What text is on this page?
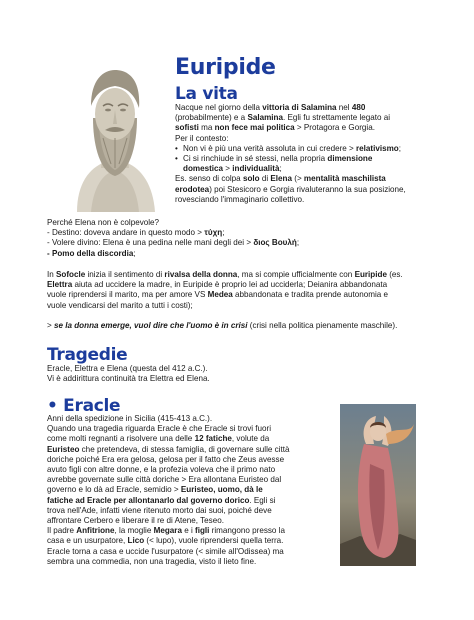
Euripide
La vita
Nacque nel giorno della vittoria di Salamina nel 480
(probabilmente) e a Salamina. Egli fu strettamente legato ai
sofisti ma non fece mai politica > Protagora e Gorgia.
Per il contesto:
• Non vi è più una verità assoluta in cui credere > relativismo;
• Ci si rinchiude in sé stessi, nella propria dimensione
domestica > individualità;
Es. senso di colpa solo di Elena (> mentalità maschilista
erodotea) poi Stesicoro e Gorgia rivaluteranno la sua posizione,
rovesciando l'immaginario collettivo.
Perché Elena non è colpevole?
- Destino: doveva andare in questo modo > τύχη;
- Volere divino: Elena è una pedina nelle mani degli dei > διος Βουλή;
- Pomo della discordia;
In Sofocle inizia il sentimento di rivalsa della donna, ma si compie ufficialmente con Euripide (es.
Elettra aiuta ad uccidere la madre, in Euripide è proprio lei ad ucciderla; Deianira abbandonata
vuole riprendersi il marito, ma per amore VS Medea abbandonata e tradita prende autonomia e
vuole vendicarsi del marito a tutti i costi);
> se la donna emerge, vuol dire che l'uomo è in crisi (crisi nella politica pienamente maschile).
Tragedie
Eracle, Elettra e Elena (questa del 412 a.C.).
Vi è addirittura continuità tra Elettra ed Elena.
• Eracle
Anni della spedizione in Sicilia (415-413 a.C.).
Quando una tragedia riguarda Eracle è che Eracle si trovi fuori
come molti regnanti a risolvere una delle 12 fatiche, volute da
Euristeo che pretendeva, di stessa famiglia, di governare sulle città
doriche poiché Era era gelosa, gelosa per il fatto che Zeus avesse
avuto figli con altre donne, e la profezia voleva che il primo nato
avrebbe governate sulle città doriche > Era allontana Euristeo dal
governo e lo dà ad Eracle, semidio > Euristeo, uomo, dà le
fatiche ad Eracle per allontanarlo dal governo dorico. Egli si
trova nell'Ade, infatti viene ritenuto morto dai suoi, poiché deve
affrontare Cerbero e liberare il re di Atene, Teseo.
Il padre Anfitrione, la moglie Megara e i figli rimangono presso la
casa e un usurpatore, Lico (< lupo), vuole riprendersi quella terra.
Eracle torna a casa e uccide l'usurpatore (< simile all'Odissea) ma
sembra una commedia, non una tragedia, visto il lieto fine.
